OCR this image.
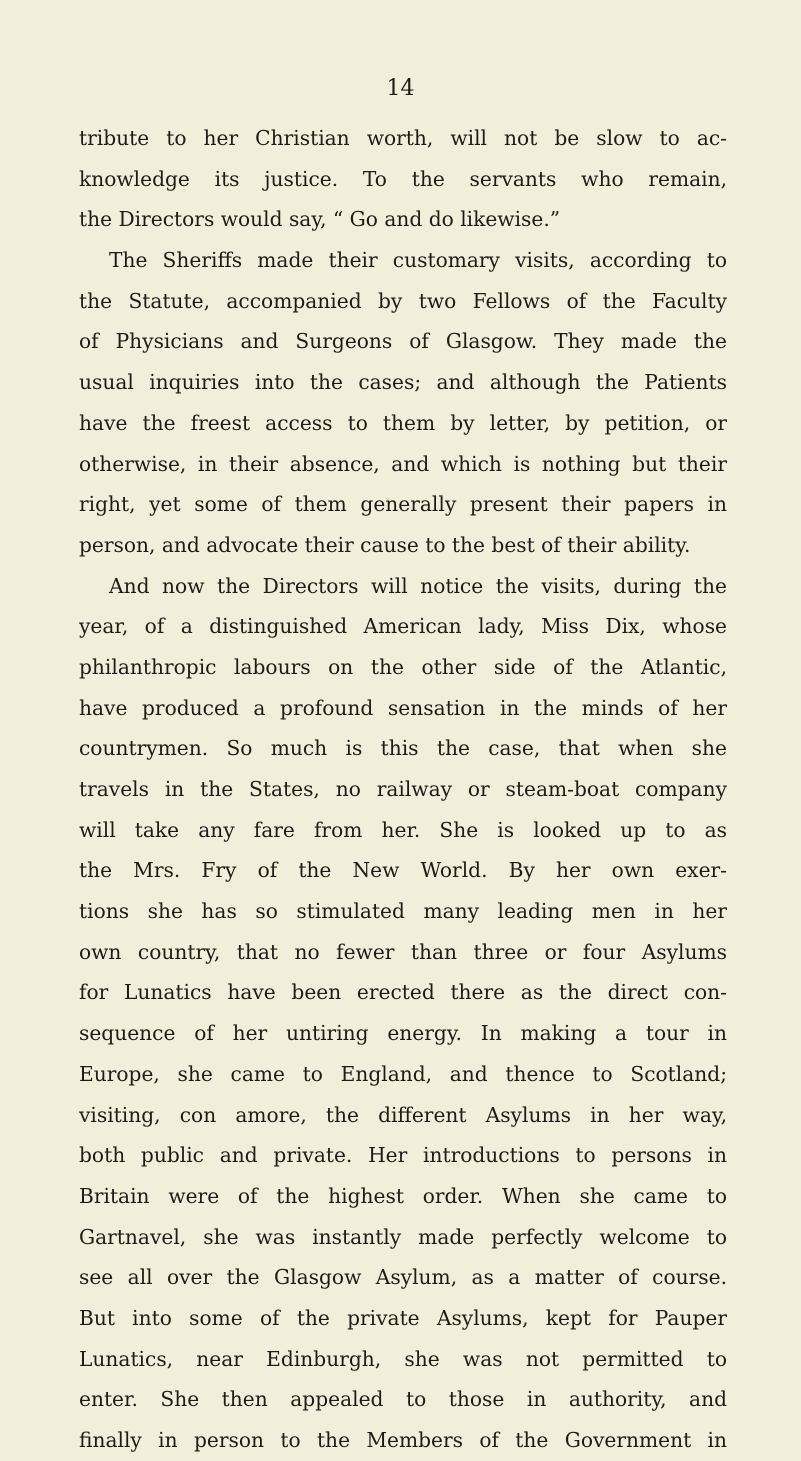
14
tribute to her Christian worth, will not be slow to ac-
knowledge its justice. To the servants who remain,
the Directors would say, “ Go and do likewise.”
The Sheriffs made their customary visits, according to
the Statute, accompanied by two Fellows of the Faculty
of Physicians and Surgeons of Glasgow. They made the
usual inquiries into the cases; and although the Patients
have the freest access to them by letter, by petition, or
otherwise, in their absence, and which is nothing but their
right, yet some of them generally present their papers in
person, and advocate their cause to the best of their ability.
And now the Directors will notice the visits, during the
year, of a distinguished American lady, Miss Dix, whose
philanthropic labours on the other side of the Atlantic,
have produced a profound sensation in the minds of her
countrymen. So much is this the case, that when she
travels in the States, no railway or steam-boat company
will take any fare from her. She is looked up to as
the Mrs. Fry of the New World. By her own exer-
tions she has so stimulated many leading men in her
own country, that no fewer than three or four Asylums
for Lunatics have been erected there as the direct con-
sequence of her untiring energy. In making a tour in
Europe, she came to England, and thence to Scotland;
visiting, con amore, the different Asylums in her way,
both public and private. Her introductions to persons in
Britain were of the highest order. When she came to
Gartnavel, she was instantly made perfectly welcome to
see all over the Glasgow Asylum, as a matter of course.
But into some of the private Asylums, kept for Pauper
Lunatics, near Edinburgh, she was not permitted to
enter. She then appealed to those in authority, and
finally in person to the Members of the Government in
